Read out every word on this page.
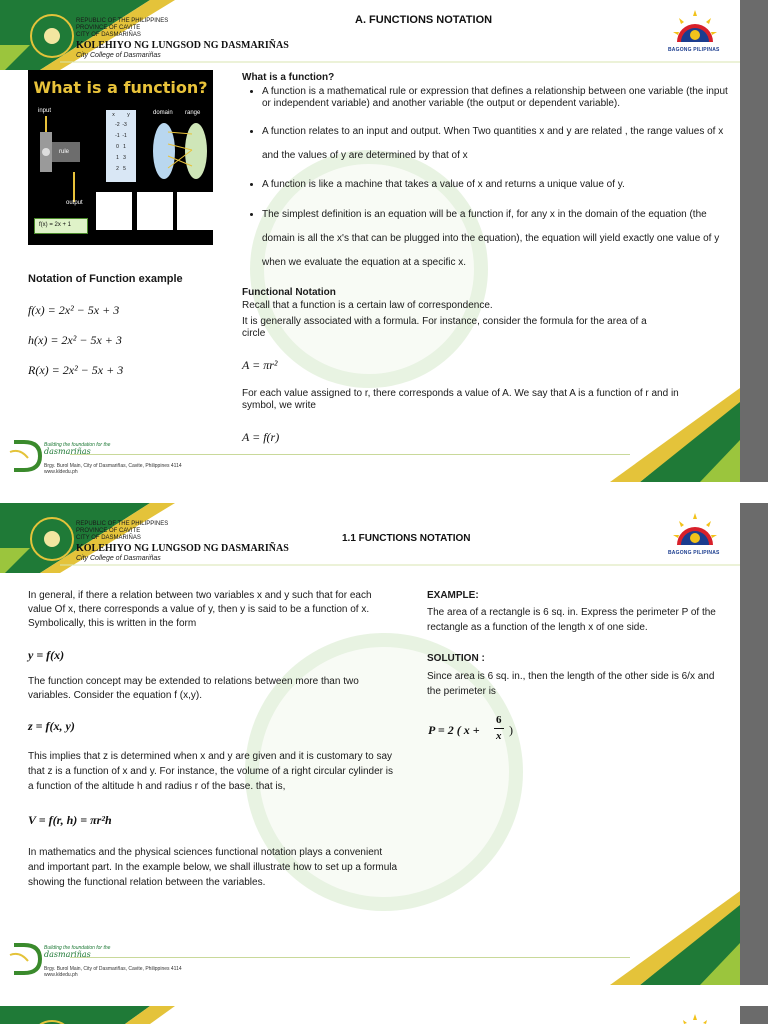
REPUBLIC OF THE PHILIPPINES
PROVINCE OF CAVITE
CITY OF DASMARIÑAS
KOLEHIYO NG LUNGSOD NG DASMARIÑAS
City College of Dasmariñas
A. FUNCTIONS NOTATION
BAGONG PILIPINAS
What is a function?
input
rule
output
f(x) = 2x + 1
x	y
-2  -3
-1  -1
0   1
1   3
2   5
domain range
What is a function?
• A function is a mathematical rule or expression that defines a relationship between one variable (the input or independent variable) and another variable (the output or dependent variable).
• A function relates to an input and output. When Two quantities x and y are related , the range values of x and the values of y are determined by that of x
• A function is like a machine that takes a value of x and returns a unique value of y.
• The simplest definition is an equation will be a function if, for any x in the domain of the equation (the domain is all the x's that can be plugged into the equation), the equation will yield exactly one value of y when we evaluate the equation at a specific x.
Notation of Function example
f(x) = 2x² − 5x + 3
h(x) = 2x² − 5x + 3
R(x) = 2x² − 5x + 3
Functional Notation
Recall that a function is a certain law of correspondence.
It is generally associated with a formula. For instance, consider the formula for the area of a circle
A = πr²
For each value assigned to r, there corresponds a value of A. We say that A is a function of r and in symbol, we write
A = f(r)
Building the foundation for the
dasmariñas
Brgy. Burol Main, City of Dasmariñas, Cavite, Philippines 4114
www.kldedu.ph
REPUBLIC OF THE PHILIPPINES
PROVINCE OF CAVITE
CITY OF DASMARIÑAS
KOLEHIYO NG LUNGSOD NG DASMARIÑAS
City College of Dasmariñas
1.1 FUNCTIONS NOTATION
BAGONG PILIPINAS
In general, if there a relation between two variables x and y such that for each value Of x, there corresponds a value of y, then y is said to be a function of x. Symbolically, this is written in the form
y = f(x)
The function concept may be extended to relations between more than two variables. Consider the equation f (x,y).
z = f(x, y)
This implies that z is determined when x and y are given and it is customary to say that z is a function of x and y. For instance, the volume of a right circular cylinder is a function of the altitude h and radius r of the base. that is,
V = f(r, h) = πr²h
In mathematics and the physical sciences functional notation plays a convenient and important part. In the example below, we shall illustrate how to set up a formula showing the functional relation between the variables.
EXAMPLE:
The area of a rectangle is 6 sq. in. Express the perimeter P of the rectangle as a function of the length x of one side.
SOLUTION :
Since area is 6 sq. in., then the length of the other side is 6/x and the perimeter is
P = 2 ( x +
6
x )
Building the foundation for the
dasmariñas
Brgy. Burol Main, City of Dasmariñas, Cavite, Philippines 4114
www.kldedu.ph
